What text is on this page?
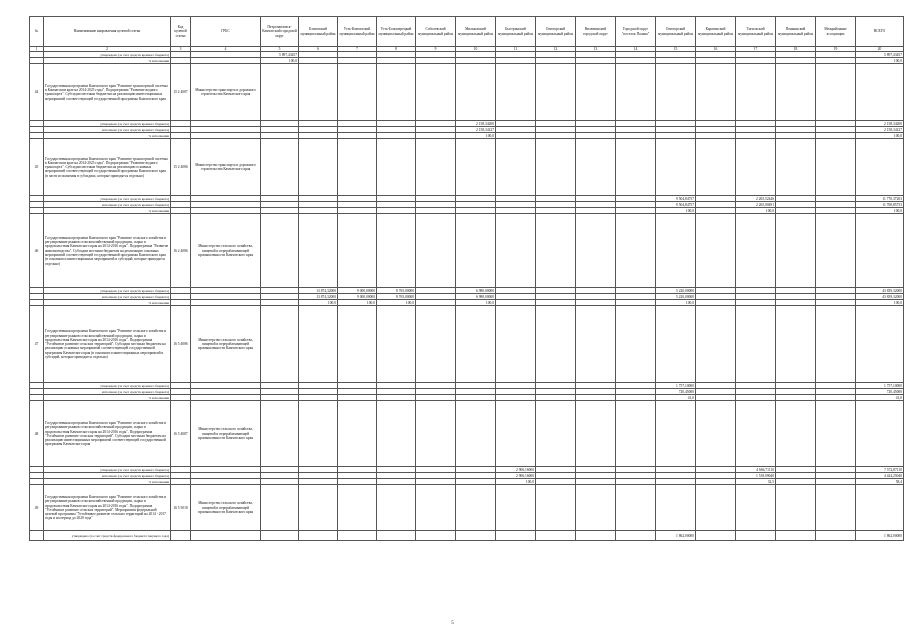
№	Наименование направления целевой статьи	Код целевой статьи	ГРБС	Петропавловск-Камчатский городской округ	Елизовский муниципальный район	Усть-Камчатский муниципальный район	Усть-Большерецкий муниципальный район	Соболевский муниципальный район	Мильковский муниципальный район	Быстринский муниципальный район	Олюторский муниципальный район	Вилючинский городской округ	Городской округ "поселок Палана"	Олюторский муниципальный район	Карагинский муниципальный район	Тигильский муниципальный район	Пенжинский муниципальный район	Межрайонные ассоциации	ВСЕГО
1	2	3	4	5	6	7	8	9	10	11	12	13	14	15	16	17	18	19	20
	утверждено (за счет средств краевого бюджета)			5 897,43457															5 897,43457
	% исполнения			100,0															100,0
44	Государственная программа Камчатского края "Развитие транспортной системы в Камчатском крае на 2014-2025 годы". Подпрограмма "Развитие водного транспорта". Субсидии местным бюджетам на реализацию инвестиционных мероприятий соответствующей государственной программы Камчатского края	15 2 4087	Министерство транспорта и дорожного строительства Камчатского края																
	утверждено (за счет средств краевого бюджета)								2 158,34200										2 158,34200
	исполнено (за счет средств краевого бюджета)								2 158,34127										2 158,34127
	% исполнения								100,0										100,0
45	Государственная программа Камчатского края "Развитие транспортной системы в Камчатском крае на 2014-2025 годы". Подпрограмма "Развитие водного транспорта". Субсидии местным бюджетам на реализацию основных мероприятий соответствующей государственной программы Камчатского края (в части исполнения в субсидиях, которые приводятся отдельно)	15 2 4086	Министерство транспорта и дорожного строительства Камчатского края																
	утверждено (за счет средств краевого бюджета)													9 504,84757		2 265,52446			11 770,37203
	исполнено (за счет средств краевого бюджета)													9 504,84757		2 265,00491			11 769,85753
	% исполнения													100,0		100,0			100,0
46	Государственная программа Камчатского края "Развитие сельского хозяйства и регулирование рынков сельскохозяйственной продукции, сырья и продовольствия Камчатского края на 2014-2016 годы". Подпрограмма "Развитие животноводства". Субсидии местным бюджетам на реализацию основных мероприятий соответствующей государственной программы Камчатского края (в основном и инвестиционных мероприятий и субсидий, которые приводятся отдельно)	16 2 4086	Министерство сельского хозяйства, пищевой и перерабатывающей промышленности Камчатского края																
	утверждено (за счет средств краевого бюджета)				13 874,32000	9 000,00000	8 765,00000		6 980,00000					5 220,00000					43 839,32000
	исполнено (за счет средств краевого бюджета)				13 874,32000	9 000,00000	8 765,00000		6 980,00000					5 220,00000					43 839,32000
	% исполнения				100,0	100,0	100,0		100,0					100,0					100,0
47	Государственная программа Камчатского края "Развитие сельского хозяйства и регулирование рынков сельскохозяйственной продукции, сырья и продовольствия Камчатского края на 2014-2016 годы". Подпрограмма "Устойчивое развитие сельских территорий". Субсидии местным бюджетам на реализацию основных мероприятий соответствующей государственной программы Камчатского края (в основном и инвестиционных мероприятий и субсидий, которые приводятся отдельно)	16 5 4086	Министерство сельского хозяйства, пищевой и перерабатывающей промышленности Камчатского края																
	утверждено (за счет средств краевого бюджета)													1 757,10000					1 757,10000
	исполнено (за счет средств краевого бюджета)													720,45000					720,45000
	% исполнения													41,0					41,0
48	Государственная программа Камчатского края "Развитие сельского хозяйства и регулирование рынков сельскохозяйственной продукции, сырья и продовольствия Камчатского края на 2014-2016 годы". Подпрограмма "Устойчивое развитие сельских территорий". Субсидии местным бюджетам на реализацию инвестиционных мероприятий соответствующей государственной программы Камчатского края	16 5 4087	Министерство сельского хозяйства, пищевой и перерабатывающей промышленности Камчатского края																
	утверждено (за счет средств краевого бюджета)									2 906,16000						4 666,71110			7 572,87110
	исполнено (за счет средств краевого бюджета)									2 906,16000						1 518,09040			4 424,25040
	% исполнения									100,0						32,5			58,4
49	Государственная программа Камчатского края "Развитие сельского хозяйства и регулирование рынков сельскохозяйственной продукции, сырья и продовольствия Камчатского края на 2014-2016 годы". Подпрограмма "Устойчивое развитие сельских территорий". Мероприятия федеральной целевой программы "Устойчивое развитие сельских территорий на 2014 - 2017 годы и на период до 2020 года"	16 5 5018	Министерство сельского хозяйства, пищевой и перерабатывающей промышленности Камчатского края																
	утверждено (за счет средств федерального бюджета текущего года)													1 862,00000					1 862,00000
5
